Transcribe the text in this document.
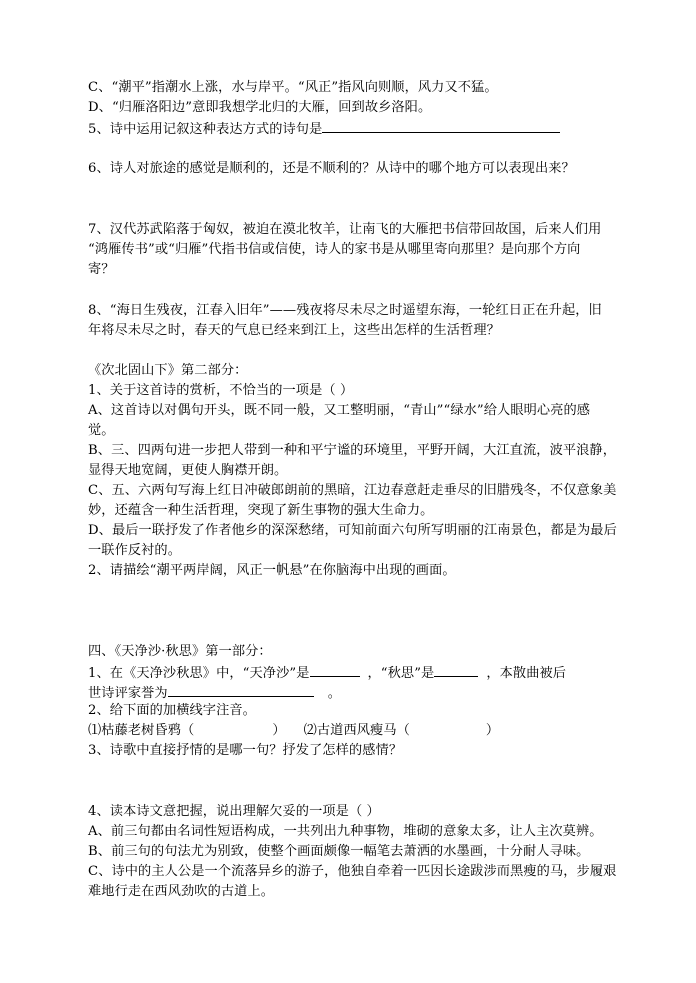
C、“潮平”指潮水上涨，水与岸平。“风正”指风向则顺，风力又不猛。
D、“归雁洛阳边”意即我想学北归的大雁，回到故乡洛阳。
5、诗中运用记叙这种表达方式的诗句是
6、诗人对旅途的感觉是顺利的，还是不顺利的？从诗中的哪个地方可以表现出来？
7、汉代苏武陷落于匈奴，被迫在漠北牧羊，让南飞的大雁把书信带回故国，后来人们用
“鸿雁传书”或“归雁”代指书信或信使，诗人的家书是从哪里寄向那里？是向那个方向
寄？
8、“海日生残夜，江春入旧年”——残夜将尽未尽之时遥望东海，一轮红日正在升起，旧
年将尽未尽之时，春天的气息已经来到江上，这些出怎样的生活哲理？
《次北固山下》第二部分：
1、关于这首诗的赏析，不恰当的一项是（ ）
A、这首诗以对偶句开头，既不同一般，又工整明丽，“青山”“绿水”给人眼明心亮的感
觉。
B、三、四两句进一步把人带到一种和平宁谧的环境里，平野开阔，大江直流，波平浪静，
显得天地宽阔，更使人胸襟开朗。
C、五、六两句写海上红日冲破郎朗前的黑暗，江边春意赶走垂尽的旧腊残冬，不仅意象美
妙，还蕴含一种生活哲理，突现了新生事物的强大生命力。
D、最后一联抒发了作者他乡的深深愁绪，可知前面六句所写明丽的江南景色，都是为最后
一联作反衬的。
2、请描绘“潮平两岸阔，风正一帆悬”在你脑海中出现的画面。
四、《天净沙·秋思》第一部分：
1、在《天净沙秋思》中，“天净沙”是	，“秋思”是	，本散曲被后
世诗评家誉为	。
2、给下面的加横线字注音。
⑴枯藤老树昏鸦（	） ⑵古道西风瘦马（	）
3、诗歌中直接抒情的是哪一句？抒发了怎样的感情？
4、读本诗文意把握，说出理解欠妥的一项是（ ）
A、前三句都由名词性短语构成，一共列出九种事物，堆砌的意象太多，让人主次莫辨。
B、前三句的句法尤为别致，使整个画面颇像一幅笔去萧洒的水墨画，十分耐人寻味。
C、诗中的主人公是一个流落异乡的游子，他独自牵着一匹因长途跋涉而黑瘦的马，步履艰
难地行走在西风劲吹的古道上。
